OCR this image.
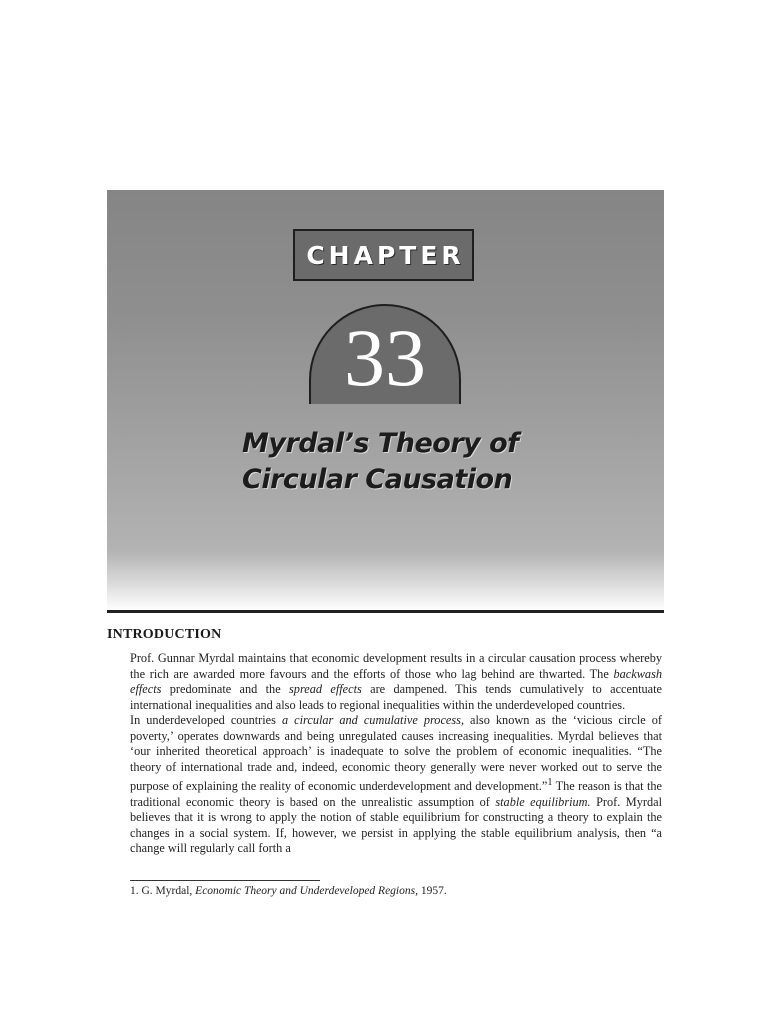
CHAPTER
33
Myrdal’s Theory of
Circular Causation
INTRODUCTION

Prof. Gunnar Myrdal maintains that economic development results in a circular causation process whereby the rich are awarded more favours and the efforts of those who lag behind are thwarted. The backwash effects predominate and the spread effects are dampened. This tends cumulatively to accentuate international inequalities and also leads to regional inequalities within the underdeveloped countries.

In underdeveloped countries a circular and cumulative process, also known as the ‘vicious circle of poverty,’ operates downwards and being unregulated causes increasing inequalities. Myrdal believes that ‘our inherited theoretical approach’ is inadequate to solve the problem of economic inequalities. “The theory of international trade and, indeed, economic theory generally were never worked out to serve the purpose of explaining the reality of economic underdevelopment and development.”$^1$ The reason is that the traditional economic theory is based on the unrealistic assumption of stable equilibrium. Prof. Myrdal believes that it is wrong to apply the notion of stable equilibrium for constructing a theory to explain the changes in a social system. If, however, we persist in applying the stable equilibrium analysis, then “a change will regularly call forth a

1. G. Myrdal, Economic Theory and Underdeveloped Regions, 1957.
